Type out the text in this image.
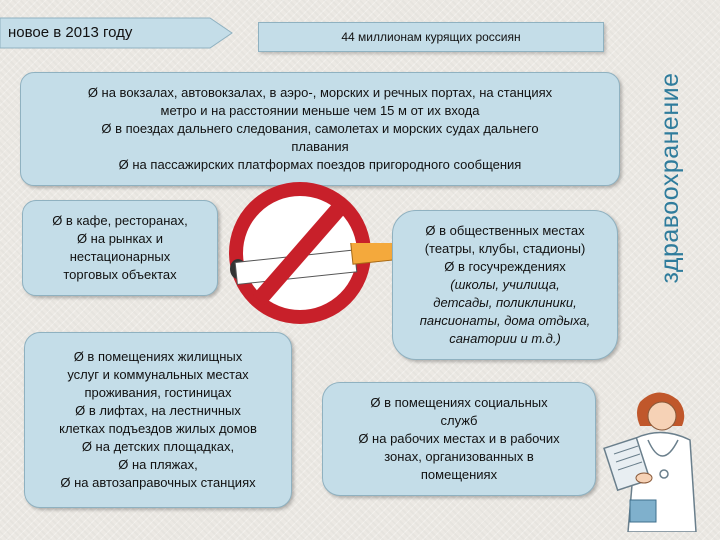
новое в 2013 году	44 миллионам курящих россиян
здравоохранение
Ø на вокзалах, автовокзалах, в аэро-, морских и речных портах, на станциях
метро и на расстоянии меньше чем 15 м от их входа
Ø в поездах дальнего следования, самолетах и морских судах дальнего
плавания
Ø на пассажирских платформах поездов пригородного сообщения
Ø в кафе, ресторанах,
Ø на рынках и
нестационарных
торговых объектах
Ø в общественных местах
(театры, клубы, стадионы)
Ø в госучреждениях
(школы, училища,
детсады, поликлиники,
пансионаты, дома отдыха,
санатории и т.д.)
Ø в помещениях жилищных
услуг и коммунальных местах
проживания, гостиницах
Ø в лифтах, на лестничных
клетках подъездов жилых домов
Ø на детских площадках,
Ø на пляжах,
Ø на автозаправочных станциях
Ø в помещениях социальных
служб
Ø на рабочих местах и в рабочих
зонах, организованных в
помещениях
